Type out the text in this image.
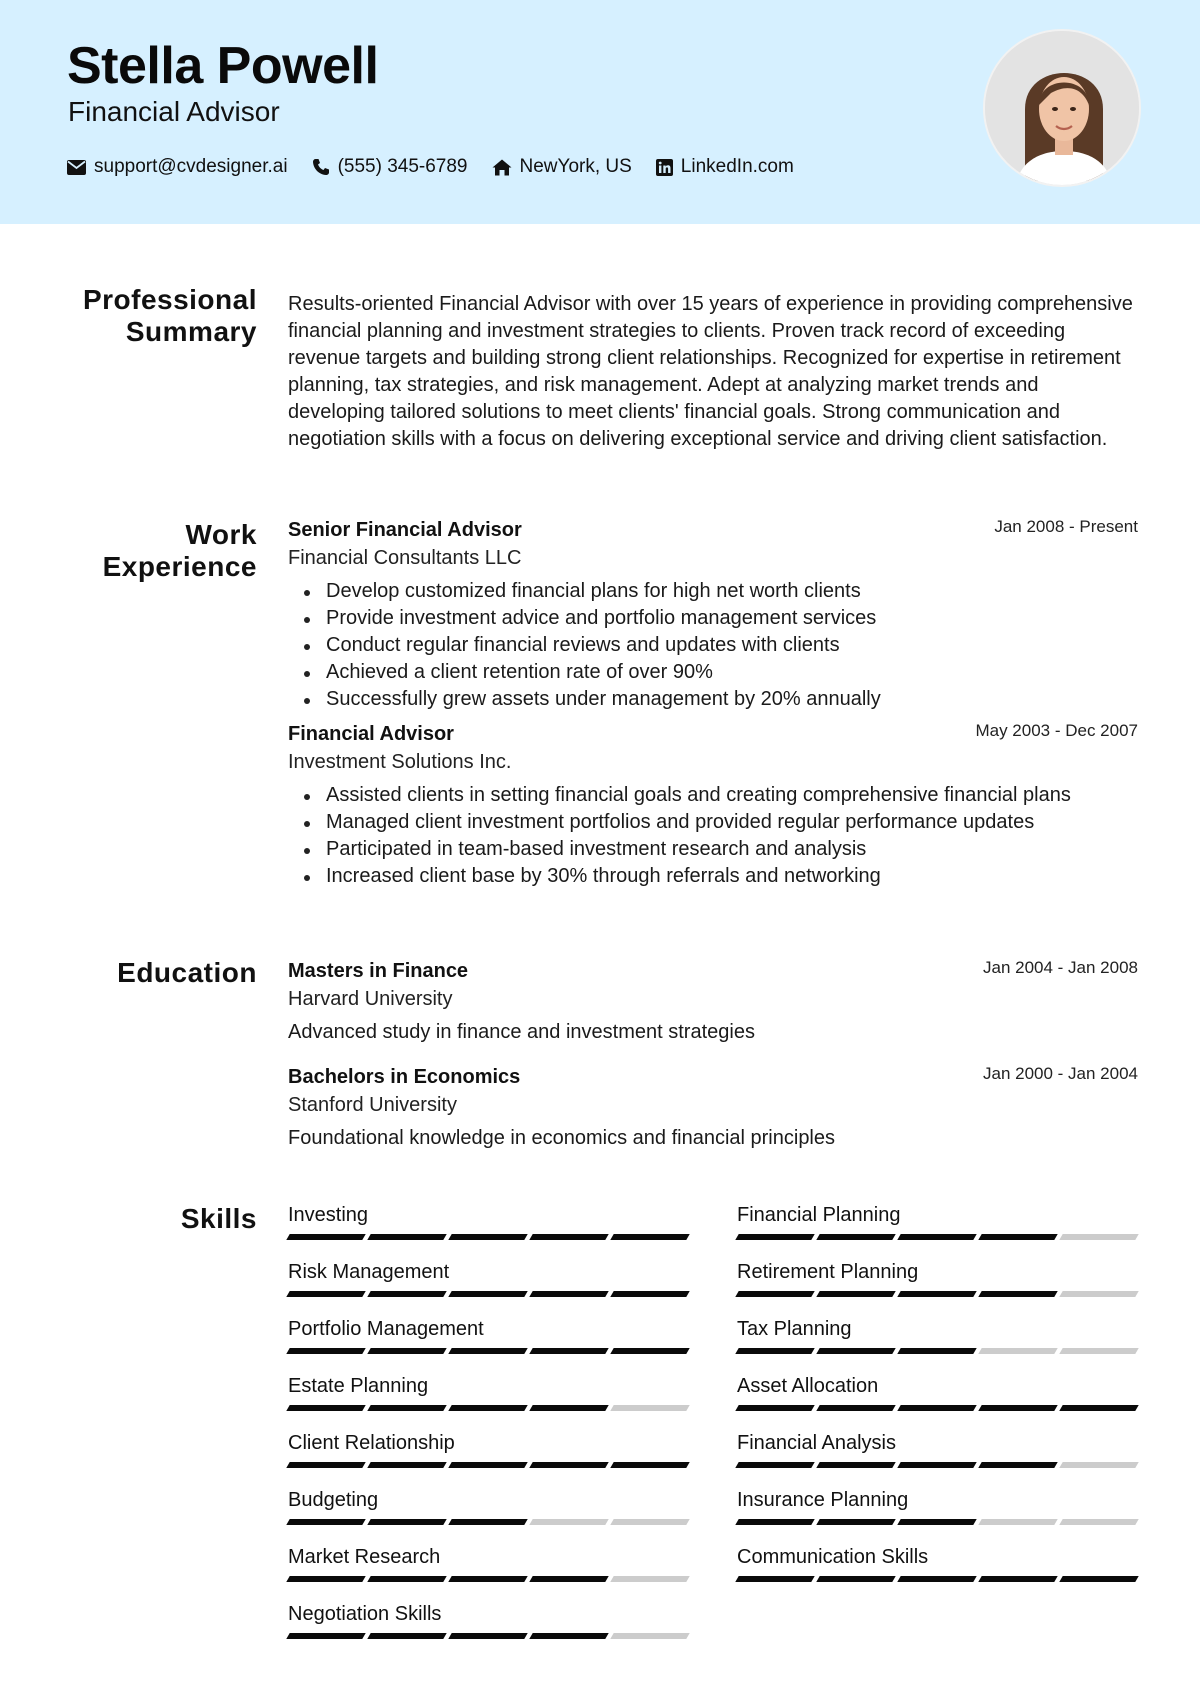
Stella Powell
Financial Advisor
support@cvdesigner.ai	(555) 345-6789	NewYork, US	LinkedIn.com
Professional Summary
Results-oriented Financial Advisor with over 15 years of experience in providing comprehensive financial planning and investment strategies to clients. Proven track record of exceeding revenue targets and building strong client relationships. Recognized for expertise in retirement planning, tax strategies, and risk management. Adept at analyzing market trends and developing tailored solutions to meet clients' financial goals. Strong communication and negotiation skills with a focus on delivering exceptional service and driving client satisfaction.
Work Experience
Senior Financial Advisor	Jan 2008 - Present
Financial Consultants LLC
Develop customized financial plans for high net worth clients
Provide investment advice and portfolio management services
Conduct regular financial reviews and updates with clients
Achieved a client retention rate of over 90%
Successfully grew assets under management by 20% annually
Financial Advisor	May 2003 - Dec 2007
Investment Solutions Inc.
Assisted clients in setting financial goals and creating comprehensive financial plans
Managed client investment portfolios and provided regular performance updates
Participated in team-based investment research and analysis
Increased client base by 30% through referrals and networking
Education Masters in Finance	Jan 2004 - Jan 2008
Harvard University
Advanced study in finance and investment strategies
Bachelors in Economics	Jan 2000 - Jan 2004
Stanford University
Foundational knowledge in economics and financial principles
Skills Investing	Financial Planning
Risk Management	Retirement Planning
Portfolio Management	Tax Planning
Estate Planning	Asset Allocation
Client Relationship	Financial Analysis
Budgeting	Insurance Planning
Market Research	Communication Skills
Negotiation Skills
